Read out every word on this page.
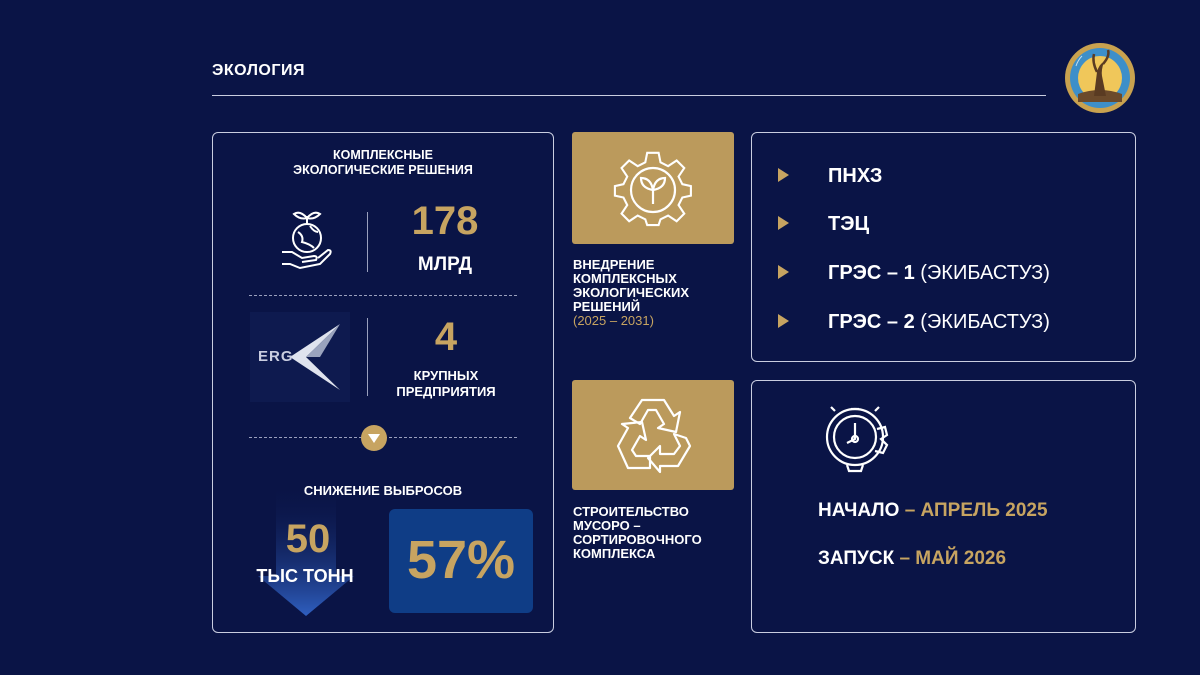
ЭКОЛОГИЯ
КОМПЛЕКСНЫЕ
ЭКОЛОГИЧЕСКИЕ РЕШЕНИЯ
178
МЛРД
ERG	4
КРУПНЫХ
ПРЕДПРИЯТИЯ
СНИЖЕНИЕ ВЫБРОСОВ
50
ТЫС ТОНН 57%
ВНЕДРЕНИЕ
КОМПЛЕКСНЫХ
ЭКОЛОГИЧЕСКИХ
РЕШЕНИЙ
(2025 – 2031)
СТРОИТЕЛЬСТВО
МУСОРО –
СОРТИРОВОЧНОГО
КОМПЛЕКСА
ПНХЗ
ТЭЦ
ГРЭС – 1 (ЭКИБАСТУЗ)
ГРЭС – 2 (ЭКИБАСТУЗ)
НАЧАЛО – АПРЕЛЬ 2025
ЗАПУСК – МАЙ 2026
